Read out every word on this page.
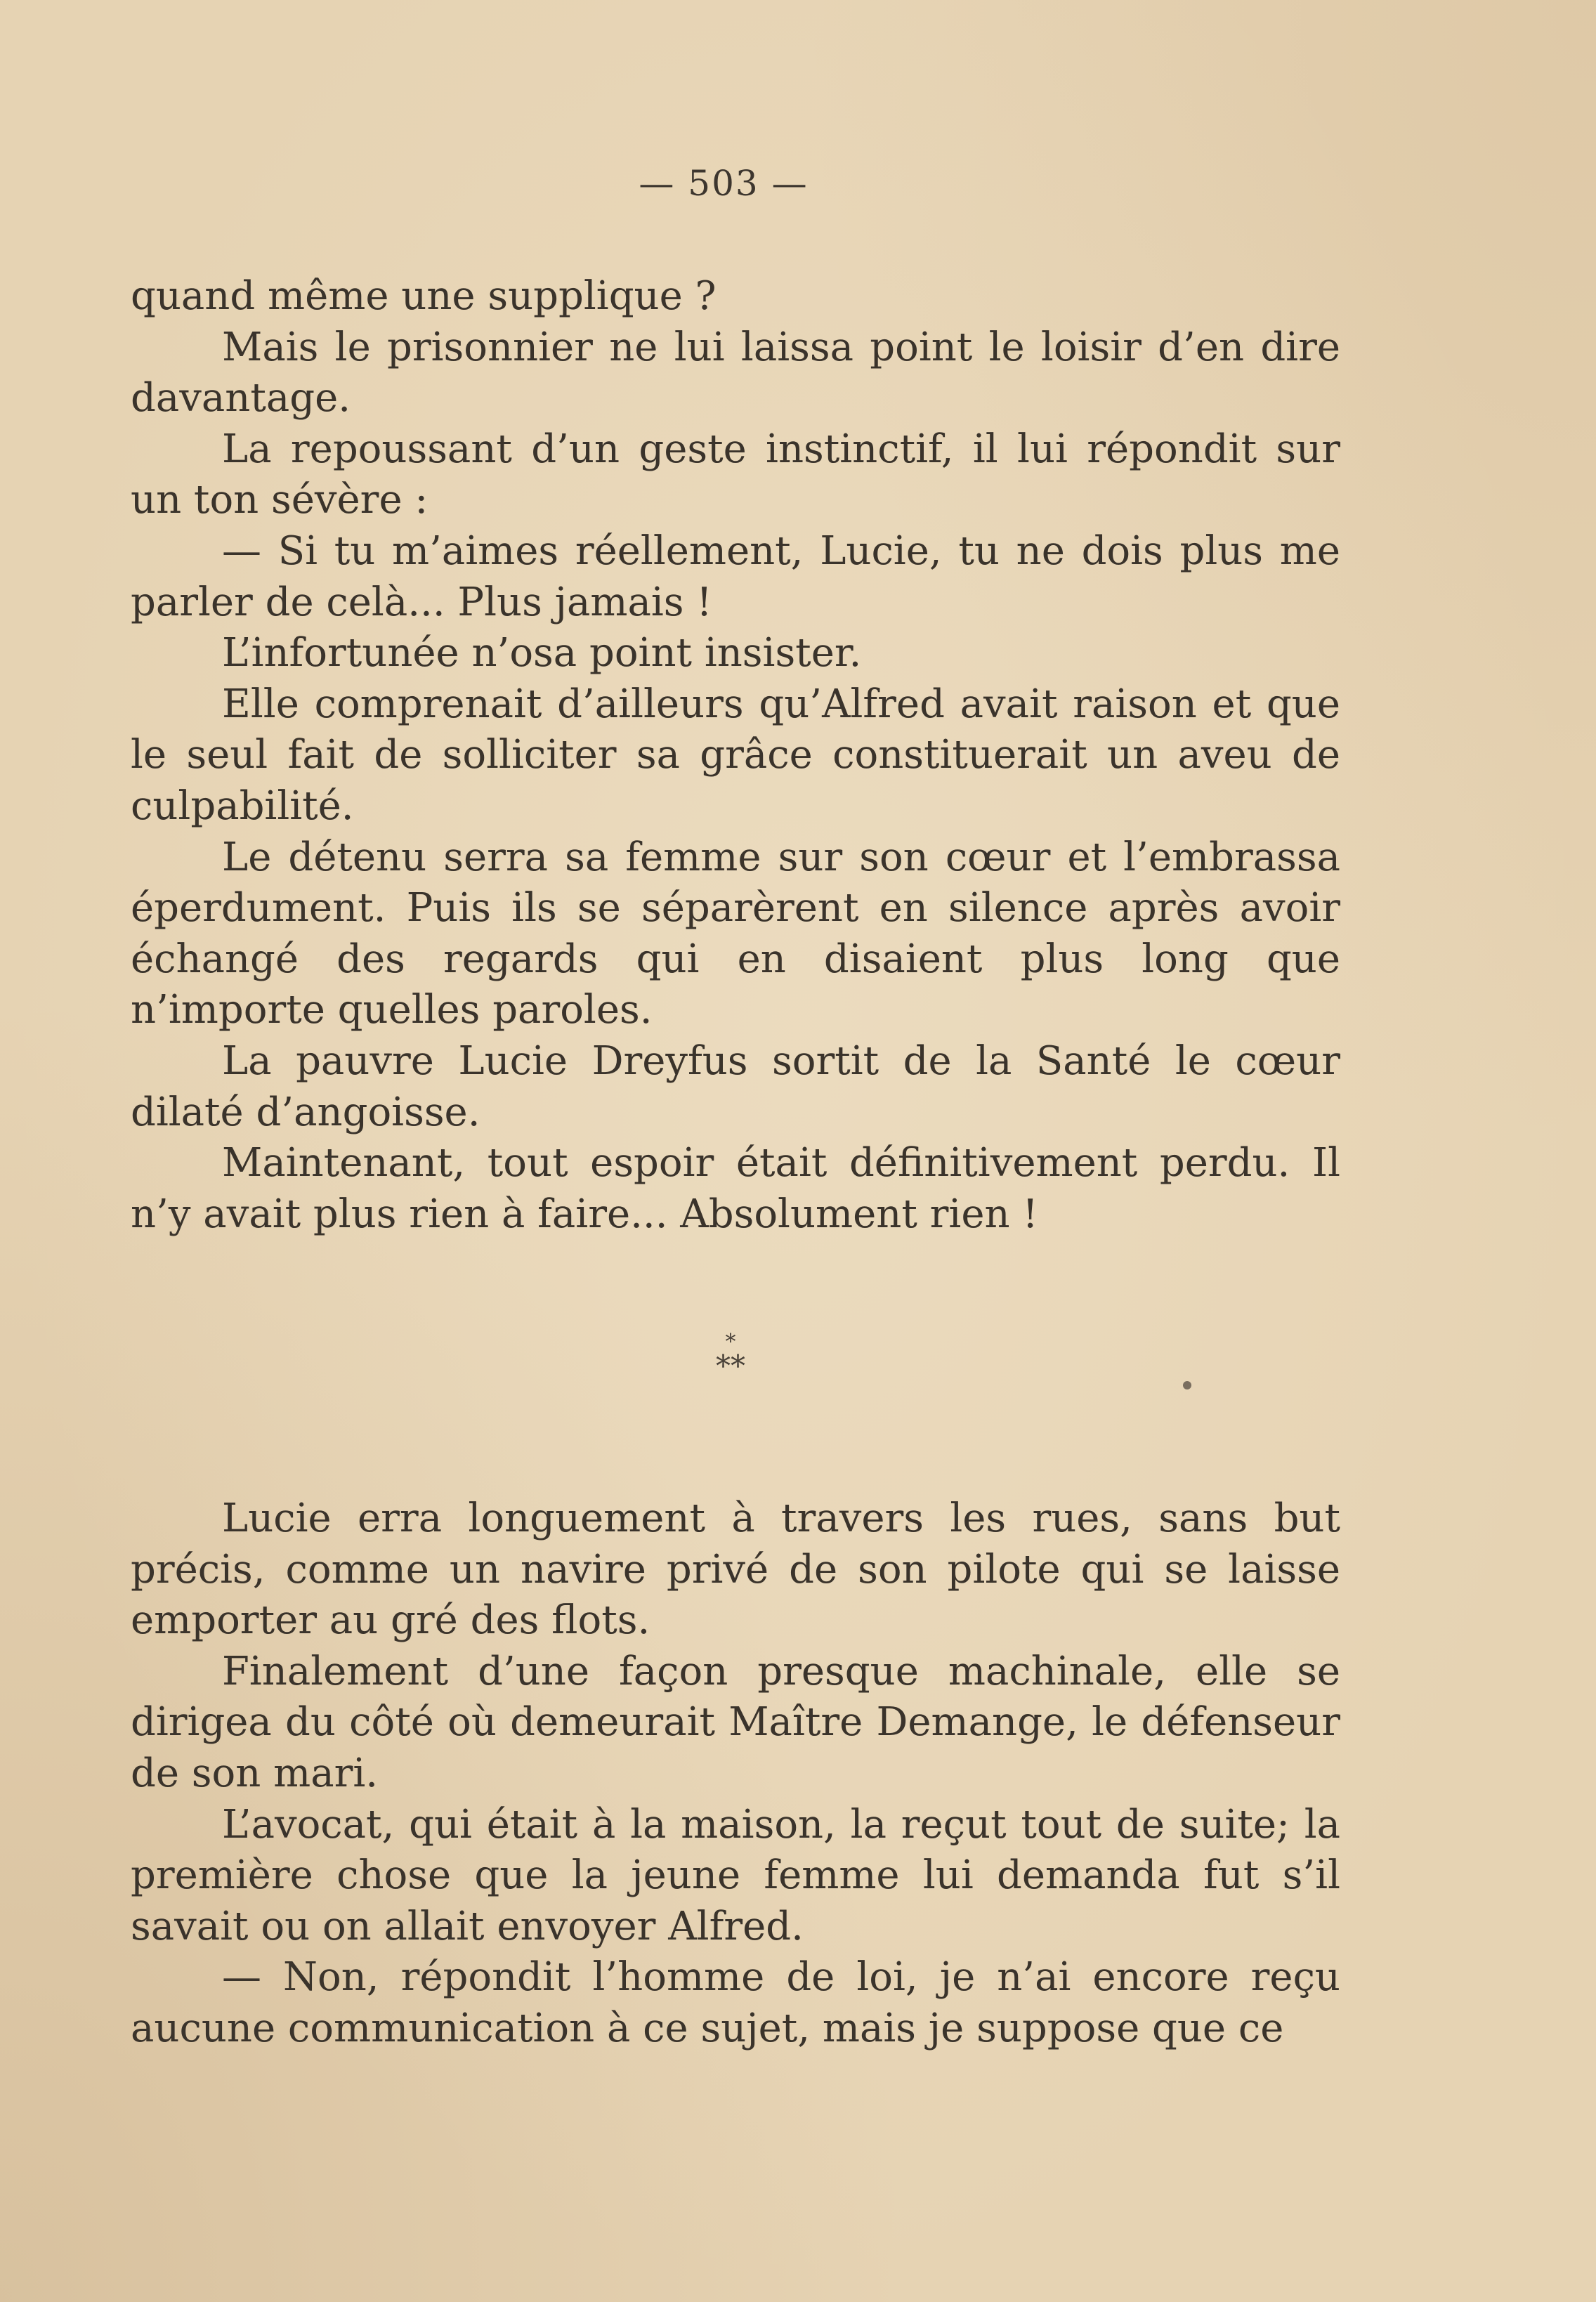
— 503 —

quand même une supplique ?

Mais le prisonnier ne lui laissa point le loisir d’en dire davantage.

La repoussant d’un geste instinctif, il lui répondit sur un ton sévère :

— Si tu m’aimes réellement, Lucie, tu ne dois plus me parler de celà... Plus jamais !

L’infortunée n’osa point insister.

Elle comprenait d’ailleurs qu’Alfred avait raison et que le seul fait de solliciter sa grâce constituerait un aveu de culpabilité.

Le détenu serra sa femme sur son cœur et l’embrassa éperdument. Puis ils se séparèrent en silence après avoir échangé des regards qui en disaient plus long que n’importe quelles paroles.

La pauvre Lucie Dreyfus sortit de la Santé le cœur dilaté d’angoisse.

Maintenant, tout espoir était définitivement perdu. Il n’y avait plus rien à faire... Absolument rien !

*
**

Lucie erra longuement à travers les rues, sans but précis, comme un navire privé de son pilote qui se laisse emporter au gré des flots.

Finalement d’une façon presque machinale, elle se dirigea du côté où demeurait Maître Demange, le défenseur de son mari.

L’avocat, qui était à la maison, la reçut tout de suite; la première chose que la jeune femme lui demanda fut s’il savait ou on allait envoyer Alfred.

— Non, répondit l’homme de loi, je n’ai encore reçu aucune communication à ce sujet, mais je suppose que ce
